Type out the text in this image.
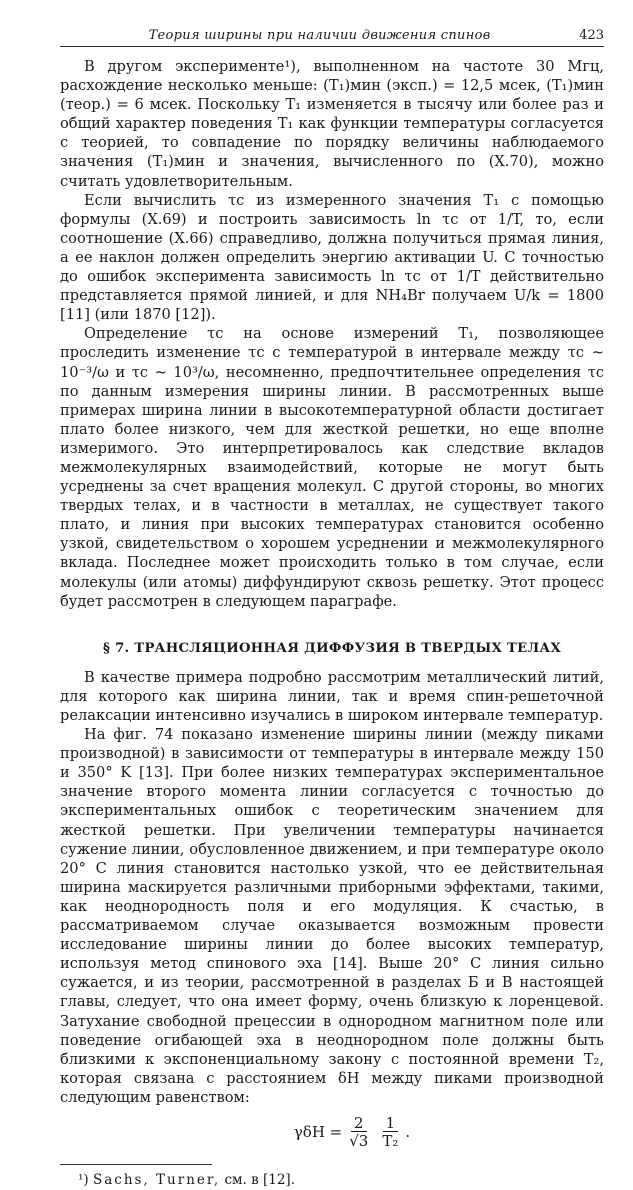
Теория ширины при наличии движения спинов	423

В другом эксперименте¹), выполненном на частоте 30 Мгц, расхождение несколько меньше: (T₁)мин (эксп.) = 12,5 мсек, (T₁)мин (теор.) = 6 мсек. Поскольку T₁ изменяется в тысячу или более раз и общий характер поведения T₁ как функции температуры согласуется с теорией, то совпадение по порядку величины наблюдаемого значения (T₁)мин и значения, вычисленного по (X.70), можно считать удовлетворительным.

Если вычислить τc из измеренного значения T₁ с помощью формулы (X.69) и построить зависимость ln τc от 1/T, то, если соотношение (X.66) справедливо, должна получиться прямая линия, а ее наклон должен определить энергию активации U. С точностью до ошибок эксперимента зависимость ln τc от 1/T действительно представляется прямой линией, и для NH₄Br получаем U/k = 1800 [11] (или 1870 [12]).

Определение τc на основе измерений T₁, позволяющее проследить изменение τc с температурой в интервале между τc ~ 10⁻³/ω и τc ~ 10³/ω, несомненно, предпочтительнее определения τc по данным измерения ширины линии. В рассмотренных выше примерах ширина линии в высокотемпературной области достигает плато более низкого, чем для жесткой решетки, но еще вполне измеримого. Это интерпретировалось как следствие вкладов межмолекулярных взаимодействий, которые не могут быть усреднены за счет вращения молекул. С другой стороны, во многих твердых телах, и в частности в металлах, не существует такого плато, и линия при высоких температурах становится особенно узкой, свидетельством о хорошем усреднении и межмолекулярного вклада. Последнее может происходить только в том случае, если молекулы (или атомы) диффундируют сквозь решетку. Этот процесс будет рассмотрен в следующем параграфе.

§ 7. ТРАНСЛЯЦИОННАЯ ДИФФУЗИЯ В ТВЕРДЫХ ТЕЛАХ

В качестве примера подробно рассмотрим металлический литий, для которого как ширина линии, так и время спин-решеточной релаксации интенсивно изучались в широком интервале температур.

На фиг. 74 показано изменение ширины линии (между пиками производной) в зависимости от температуры в интервале между 150 и 350° K [13]. При более низких температурах экспериментальное значение второго момента линии согласуется с точностью до экспериментальных ошибок с теоретическим значением для жесткой решетки. При увеличении температуры начинается сужение линии, обусловленное движением, и при температуре около 20° C линия становится настолько узкой, что ее действительная ширина маскируется различными приборными эффектами, такими, как неоднородность поля и его модуляция. К счастью, в рассматриваемом случае оказывается возможным провести исследование ширины линии до более высоких температур, используя метод спинового эха [14]. Выше 20° C линия сильно сужается, и из теории, рассмотренной в разделах Б и В настоящей главы, следует, что она имеет форму, очень близкую к лоренцевой. Затухание свободной прецессии в однородном магнитном поле или поведение огибающей эха в неоднородном поле должны быть близкими к экспоненциальному закону с постоянной времени T₂, которая связана с расстоянием δH между пиками производной следующим равенством:

$\gamma\delta H = \frac{2}{√3} \frac{1}{\text{T₂}}$ .
¹) Sachs, Turner, см. в [12].
